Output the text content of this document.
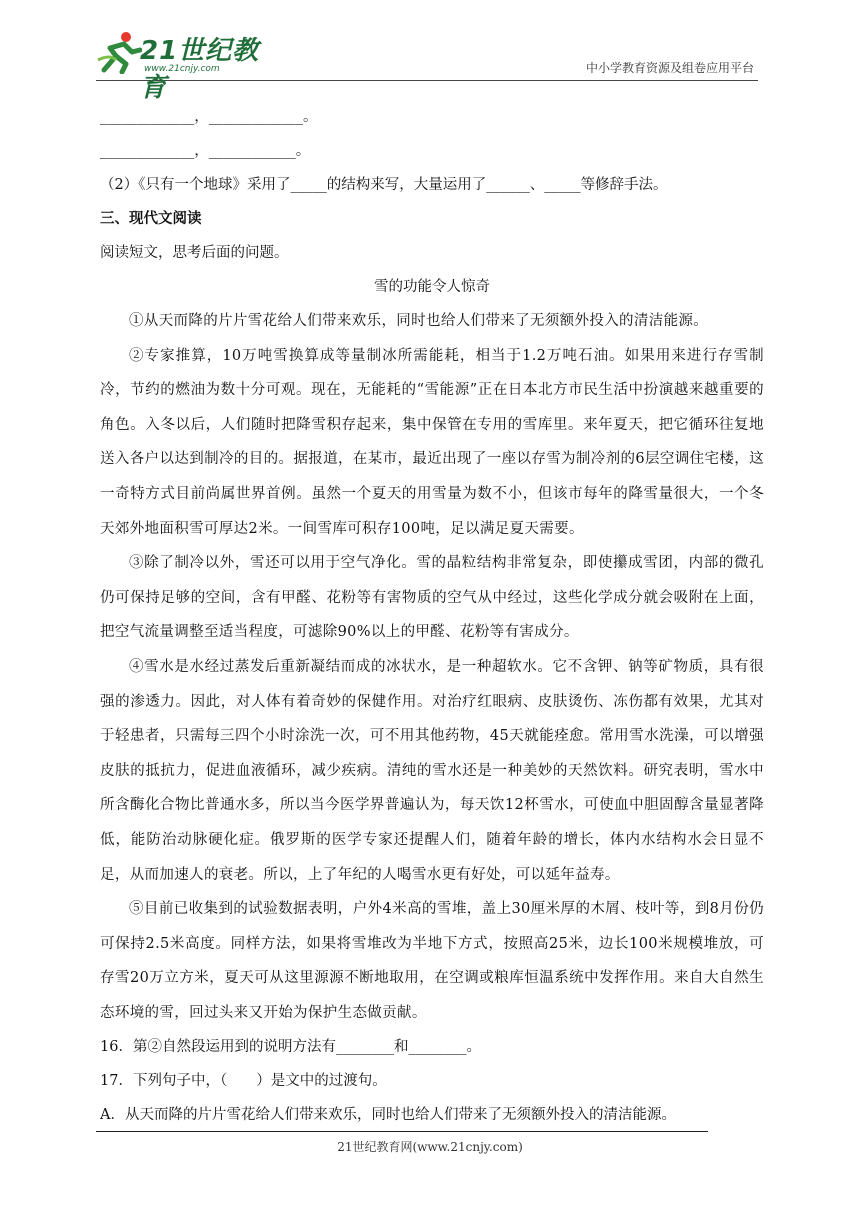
21世纪教育
www.21cnjy.com	中小学教育资源及组卷应用平台
_____________，_____________。
_____________，____________。
（2）《只有一个地球》采用了_____的结构来写，大量运用了______、_____等修辞手法。
三、现代文阅读
阅读短文，思考后面的问题。
雪的功能令人惊奇

①从天而降的片片雪花给人们带来欢乐，同时也给人们带来了无须额外投入的清洁能源。

②专家推算，10万吨雪换算成等量制冰所需能耗，相当于1.2万吨石油。如果用来进行存雪制冷，节约的燃油为数十分可观。现在，无能耗的“雪能源”正在日本北方市民生活中扮演越来越重要的角色。入冬以后，人们随时把降雪积存起来，集中保管在专用的雪库里。来年夏天，把它循环往复地送入各户以达到制冷的目的。据报道，在某市，最近出现了一座以存雪为制冷剂的6层空调住宅楼，这一奇特方式目前尚属世界首例。虽然一个夏天的用雪量为数不小，但该市每年的降雪量很大，一个冬天郊外地面积雪可厚达2米。一间雪库可积存100吨，足以满足夏天需要。

③除了制冷以外，雪还可以用于空气净化。雪的晶粒结构非常复杂，即使攥成雪团，内部的微孔仍可保持足够的空间，含有甲醛、花粉等有害物质的空气从中经过，这些化学成分就会吸附在上面，把空气流量调整至适当程度，可滤除90%以上的甲醛、花粉等有害成分。

④雪水是水经过蒸发后重新凝结而成的冰状水，是一种超软水。它不含钾、钠等矿物质，具有很强的渗透力。因此，对人体有着奇妙的保健作用。对治疗红眼病、皮肤烫伤、冻伤都有效果，尤其对于轻患者，只需每三四个小时涂洗一次，可不用其他药物，45天就能痊愈。常用雪水洗澡，可以增强皮肤的抵抗力，促进血液循环，减少疾病。清纯的雪水还是一种美妙的天然饮料。研究表明，雪水中所含酶化合物比普通水多，所以当今医学界普遍认为，每天饮12杯雪水，可使血中胆固醇含量显著降低，能防治动脉硬化症。俄罗斯的医学专家还提醒人们，随着年龄的增长，体内水结构水会日显不足，从而加速人的衰老。所以，上了年纪的人喝雪水更有好处，可以延年益寿。

⑤目前已收集到的试验数据表明，户外4米高的雪堆，盖上30厘米厚的木屑、枝叶等，到8月份仍可保持2.5米高度。同样方法，如果将雪堆改为半地下方式，按照高25米，边长100米规模堆放，可存雪20万立方米，夏天可从这里源源不断地取用，在空调或粮库恒温系统中发挥作用。来自大自然生态环境的雪，回过头来又开始为保护生态做贡献。

16．第②自然段运用到的说明方法有________和________。
17．下列句子中，（　　）是文中的过渡句。
A．从天而降的片片雪花给人们带来欢乐，同时也给人们带来了无须额外投入的清洁能源。
21世纪教育网(www.21cnjy.com)
